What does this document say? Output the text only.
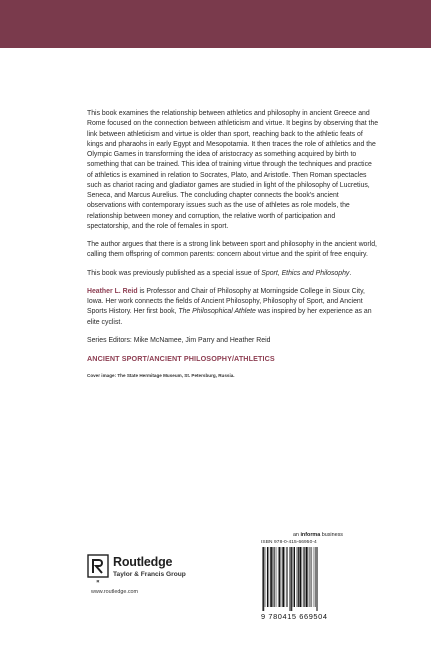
This book examines the relationship between athletics and philosophy in ancient Greece and Rome focused on the connection between athleticism and virtue. It begins by observing that the link between athleticism and virtue is older than sport, reaching back to the athletic feats of kings and pharaohs in early Egypt and Mesopotamia. It then traces the role of athletics and the Olympic Games in transforming the idea of aristocracy as something acquired by birth to something that can be trained. This idea of training virtue through the techniques and practice of athletics is examined in relation to Socrates, Plato, and Aristotle. Then Roman spectacles such as chariot racing and gladiator games are studied in light of the philosophy of Lucretius, Seneca, and Marcus Aurelius. The concluding chapter connects the book's ancient observations with contemporary issues such as the use of athletes as role models, the relationship between money and corruption, the relative worth of participation and spectatorship, and the role of females in sport.

The author argues that there is a strong link between sport and philosophy in the ancient world, calling them offspring of common parents: concern about virtue and the spirit of free enquiry.

This book was previously published as a special issue of Sport, Ethics and Philosophy.

Heather L. Reid is Professor and Chair of Philosophy at Morningside College in Sioux City, Iowa. Her work connects the fields of Ancient Philosophy, Philosophy of Sport, and Ancient Sports History. Her first book, The Philosophical Athlete was inspired by her experience as an elite cyclist.

Series Editors: Mike McNamee, Jim Parry and Heather Reid

ANCIENT SPORT/ANCIENT PHILOSOPHY/ATHLETICS
Cover image: The State Hermitage Museum, St. Petersburg, Russia.
R
Routledge
Taylor & Francis Group
www.routledge.com
an informa business
ISBN 978-0-415-66950-4
9 780415 669504
